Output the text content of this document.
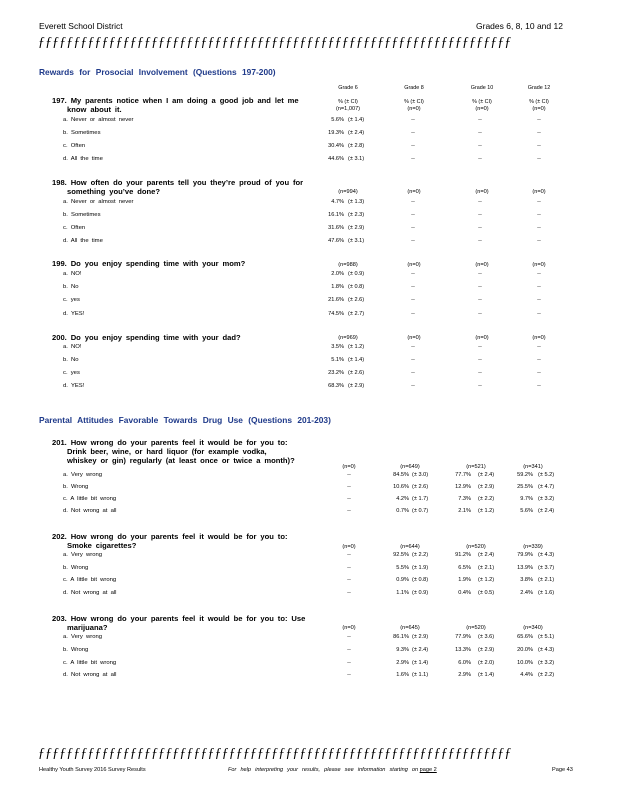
Everett School District	Grades 6, 8, 10 and 12
ƒƒƒƒƒƒƒƒƒƒƒƒƒƒƒƒƒƒƒƒƒƒƒƒƒƒƒƒƒƒƒƒƒƒƒƒƒƒƒƒƒƒƒƒƒƒƒƒƒƒƒƒƒƒƒƒƒƒƒƒƒƒƒƒƒƒƒ
Rewards for Prosocial Involvement (Questions 197-200)
Grade 6	Grade 8	Grade 10	Grade 12
% (± CI)	% (± CI)	% (± CI)	% (± CI)
197. My parents notice when I am doing a good job and let me
know about it.	(n=1,007)	(n=0)	(n=0)	(n=0)
a. Never or almost never	5.6% (± 1.4)	--	--	--
b. Sometimes	19.3% (± 2.4)	--	--	--
c. Often	30.4% (± 2.8)	--	--	--
d. All the time	44.6% (± 3.1)	--	--	--
198. How often do your parents tell you they’re proud of you for
something you’ve done?	(n=994)	(n=0)	(n=0)	(n=0)
a. Never or almost never	4.7% (± 1.3)	--	--	--
b. Sometimes	16.1% (± 2.3)	--	--	--
c. Often	31.6% (± 2.9)	--	--	--
d. All the time	47.6% (± 3.1)	--	--	--
199. Do you enjoy spending time with your mom?	(n=988)	(n=0)	(n=0)	(n=0)
a. NO!	2.0% (± 0.9)	--	--	--
b. No	1.8% (± 0.8)	--	--	--
c. yes	21.6% (± 2.6)	--	--	--
d. YES!	74.5% (± 2.7)	--	--	--
200. Do you enjoy spending time with your dad?	(n=969)	(n=0)	(n=0)	(n=0)
a. NO!	3.5% (± 1.2)	--	--	--
b. No	5.1% (± 1.4)	--	--	--
c. yes	23.2% (± 2.6)	--	--	--
d. YES!	68.3% (± 2.9)	--	--	--
Parental Attitudes Favorable Towards Drug Use (Questions 201-203)
201. How wrong do your parents feel it would be for you to:
Drink beer, wine, or hard liquor (for example vodka,
whiskey or gin) regularly (at least once or twice a month)?
(n=0)	(n=649)	(n=521)	(n=341)
a. Very wrong	--	84.5% (± 3.0)	77.7% (± 2.4)	59.2% (± 5.2)
b. Wrong	--	10.6% (± 2.6)	12.9% (± 2.9)	25.5% (± 4.7)
c. A little bit wrong	--	4.2% (± 1.7)	7.3% (± 2.2)	9.7% (± 3.2)
d. Not wrong at all	--	0.7% (± 0.7)	2.1% (± 1.2)	5.6% (± 2.4)
202. How wrong do your parents feel it would be for you to:
Smoke cigarettes?	(n=0)	(n=644)	(n=520)	(n=339)
a. Very wrong	--	92.5% (± 2.2)	91.2% (± 2.4)	79.9% (± 4.3)
b. Wrong	--	5.5% (± 1.9)	6.5% (± 2.1)	13.9% (± 3.7)
c. A little bit wrong	--	0.9% (± 0.8)	1.9% (± 1.2)	3.8% (± 2.1)
d. Not wrong at all	--	1.1% (± 0.9)	0.4% (± 0.5)	2.4% (± 1.6)
203. How wrong do your parents feel it would be for you to: Use
marijuana?	(n=0)	(n=645)	(n=520)	(n=340)
a. Very wrong	--	86.1% (± 2.9)	77.9% (± 3.6)	65.6% (± 5.1)
b. Wrong	--	9.3% (± 2.4)	13.3% (± 2.9)	20.0% (± 4.3)
c. A little bit wrong	--	2.9% (± 1.4)	6.0% (± 2.0)	10.0% (± 3.2)
d. Not wrong at all	--	1.6% (± 1.1)	2.9% (± 1.4)	4.4% (± 2.2)
ƒƒƒƒƒƒƒƒƒƒƒƒƒƒƒƒƒƒƒƒƒƒƒƒƒƒƒƒƒƒƒƒƒƒƒƒƒƒƒƒƒƒƒƒƒƒƒƒƒƒƒƒƒƒƒƒƒƒƒƒƒƒƒƒƒƒƒ
Healthy Youth Survey 2016 Survey Results	For help interpreting your results, please see information starting on page 2	Page 43
